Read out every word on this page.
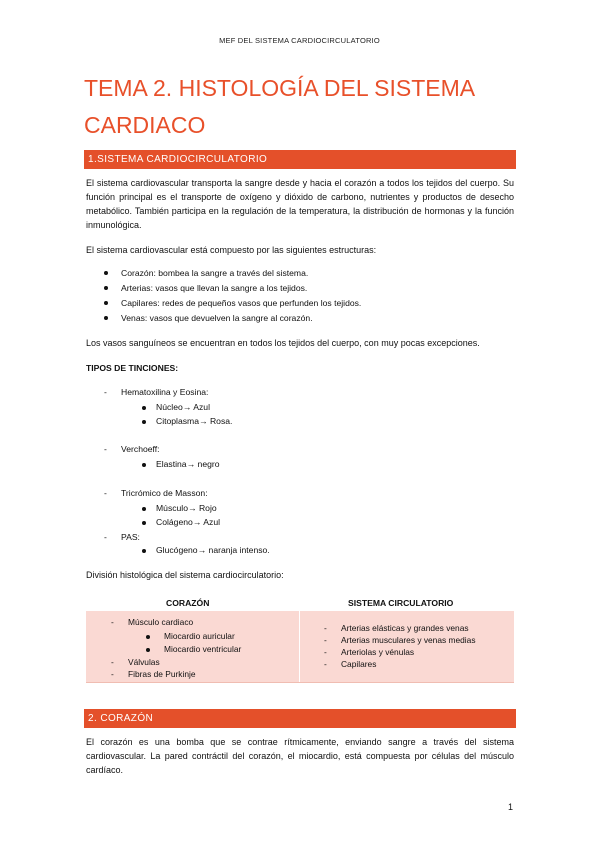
MEF DEL SISTEMA CARDIOCIRCULATORIO
TEMA 2. HISTOLOGÍA DEL SISTEMA
CARDIACO
1.SISTEMA CARDIOCIRCULATORIO

El sistema cardiovascular transporta la sangre desde y hacia el corazón a todos los tejidos del cuerpo. Su función principal es el transporte de oxígeno y dióxido de carbono, nutrientes y productos de desecho metabólico. También participa en la regulación de la temperatura, la distribución de hormonas y la función inmunológica.

El sistema cardiovascular está compuesto por las siguientes estructuras:

Corazón: bombea la sangre a través del sistema.
Arterias: vasos que llevan la sangre a los tejidos.
Capilares: redes de pequeños vasos que perfunden los tejidos.
Venas: vasos que devuelven la sangre al corazón.

Los vasos sanguíneos se encuentran en todos los tejidos del cuerpo, con muy pocas excepciones.

TIPOS DE TINCIONES:
- Hematoxilina y Eosina:
Núcleo→ Azul
Citoplasma→ Rosa.
- Verchoeff:
Elastina→ negro
- Tricrómico de Masson:
Músculo→ Rojo
Colágeno→ Azul
- PAS:
Glucógeno→ naranja intenso.

División histológica del sistema cardiocirculatorio:

CORAZÓN	SISTEMA CIRCULATORIO
- Músculo cardiaco
Miocardio auricular
Miocardio ventricular
- Válvulas
- Fibras de Purkinje
- Arterias elásticas y grandes venas
- Arterias musculares y venas medias
- Arteriolas y vénulas
- Capilares
2. CORAZÓN

El corazón es una bomba que se contrae rítmicamente, enviando sangre a través del sistema cardiovascular. La pared contráctil del corazón, el miocardio, está compuesta por células del músculo cardíaco.

1
